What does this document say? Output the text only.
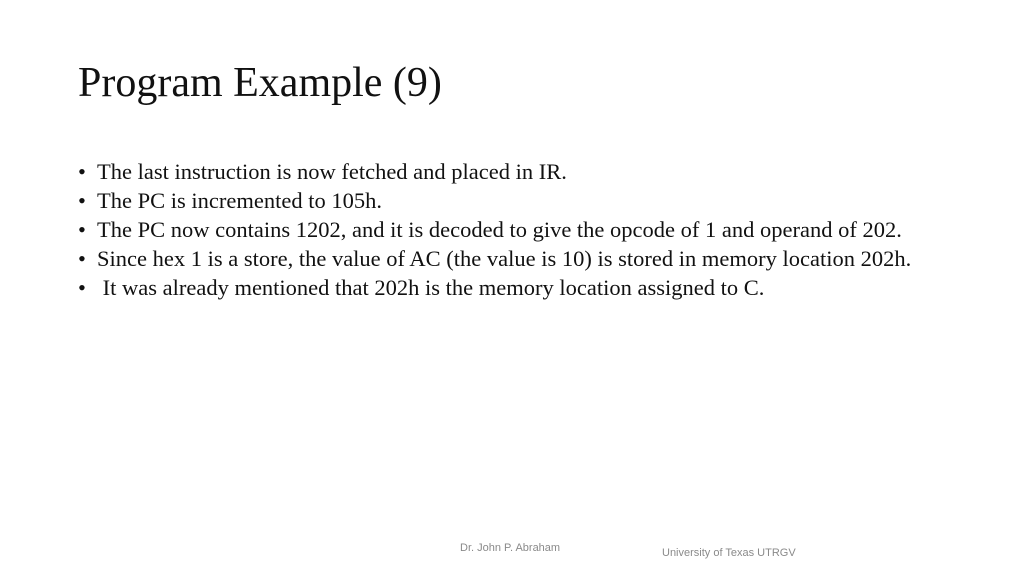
Program Example (9)
• The last instruction is now fetched and placed in IR.
• The PC is incremented to 105h.
• The PC now contains 1202, and it is decoded to give the opcode of 1 and operand of 202.
• Since hex 1 is a store, the value of AC (the value is 10) is stored in memory location 202h.
• It was already mentioned that 202h is the memory location assigned to C.
Dr. John P. Abraham	University of Texas UTRGV
